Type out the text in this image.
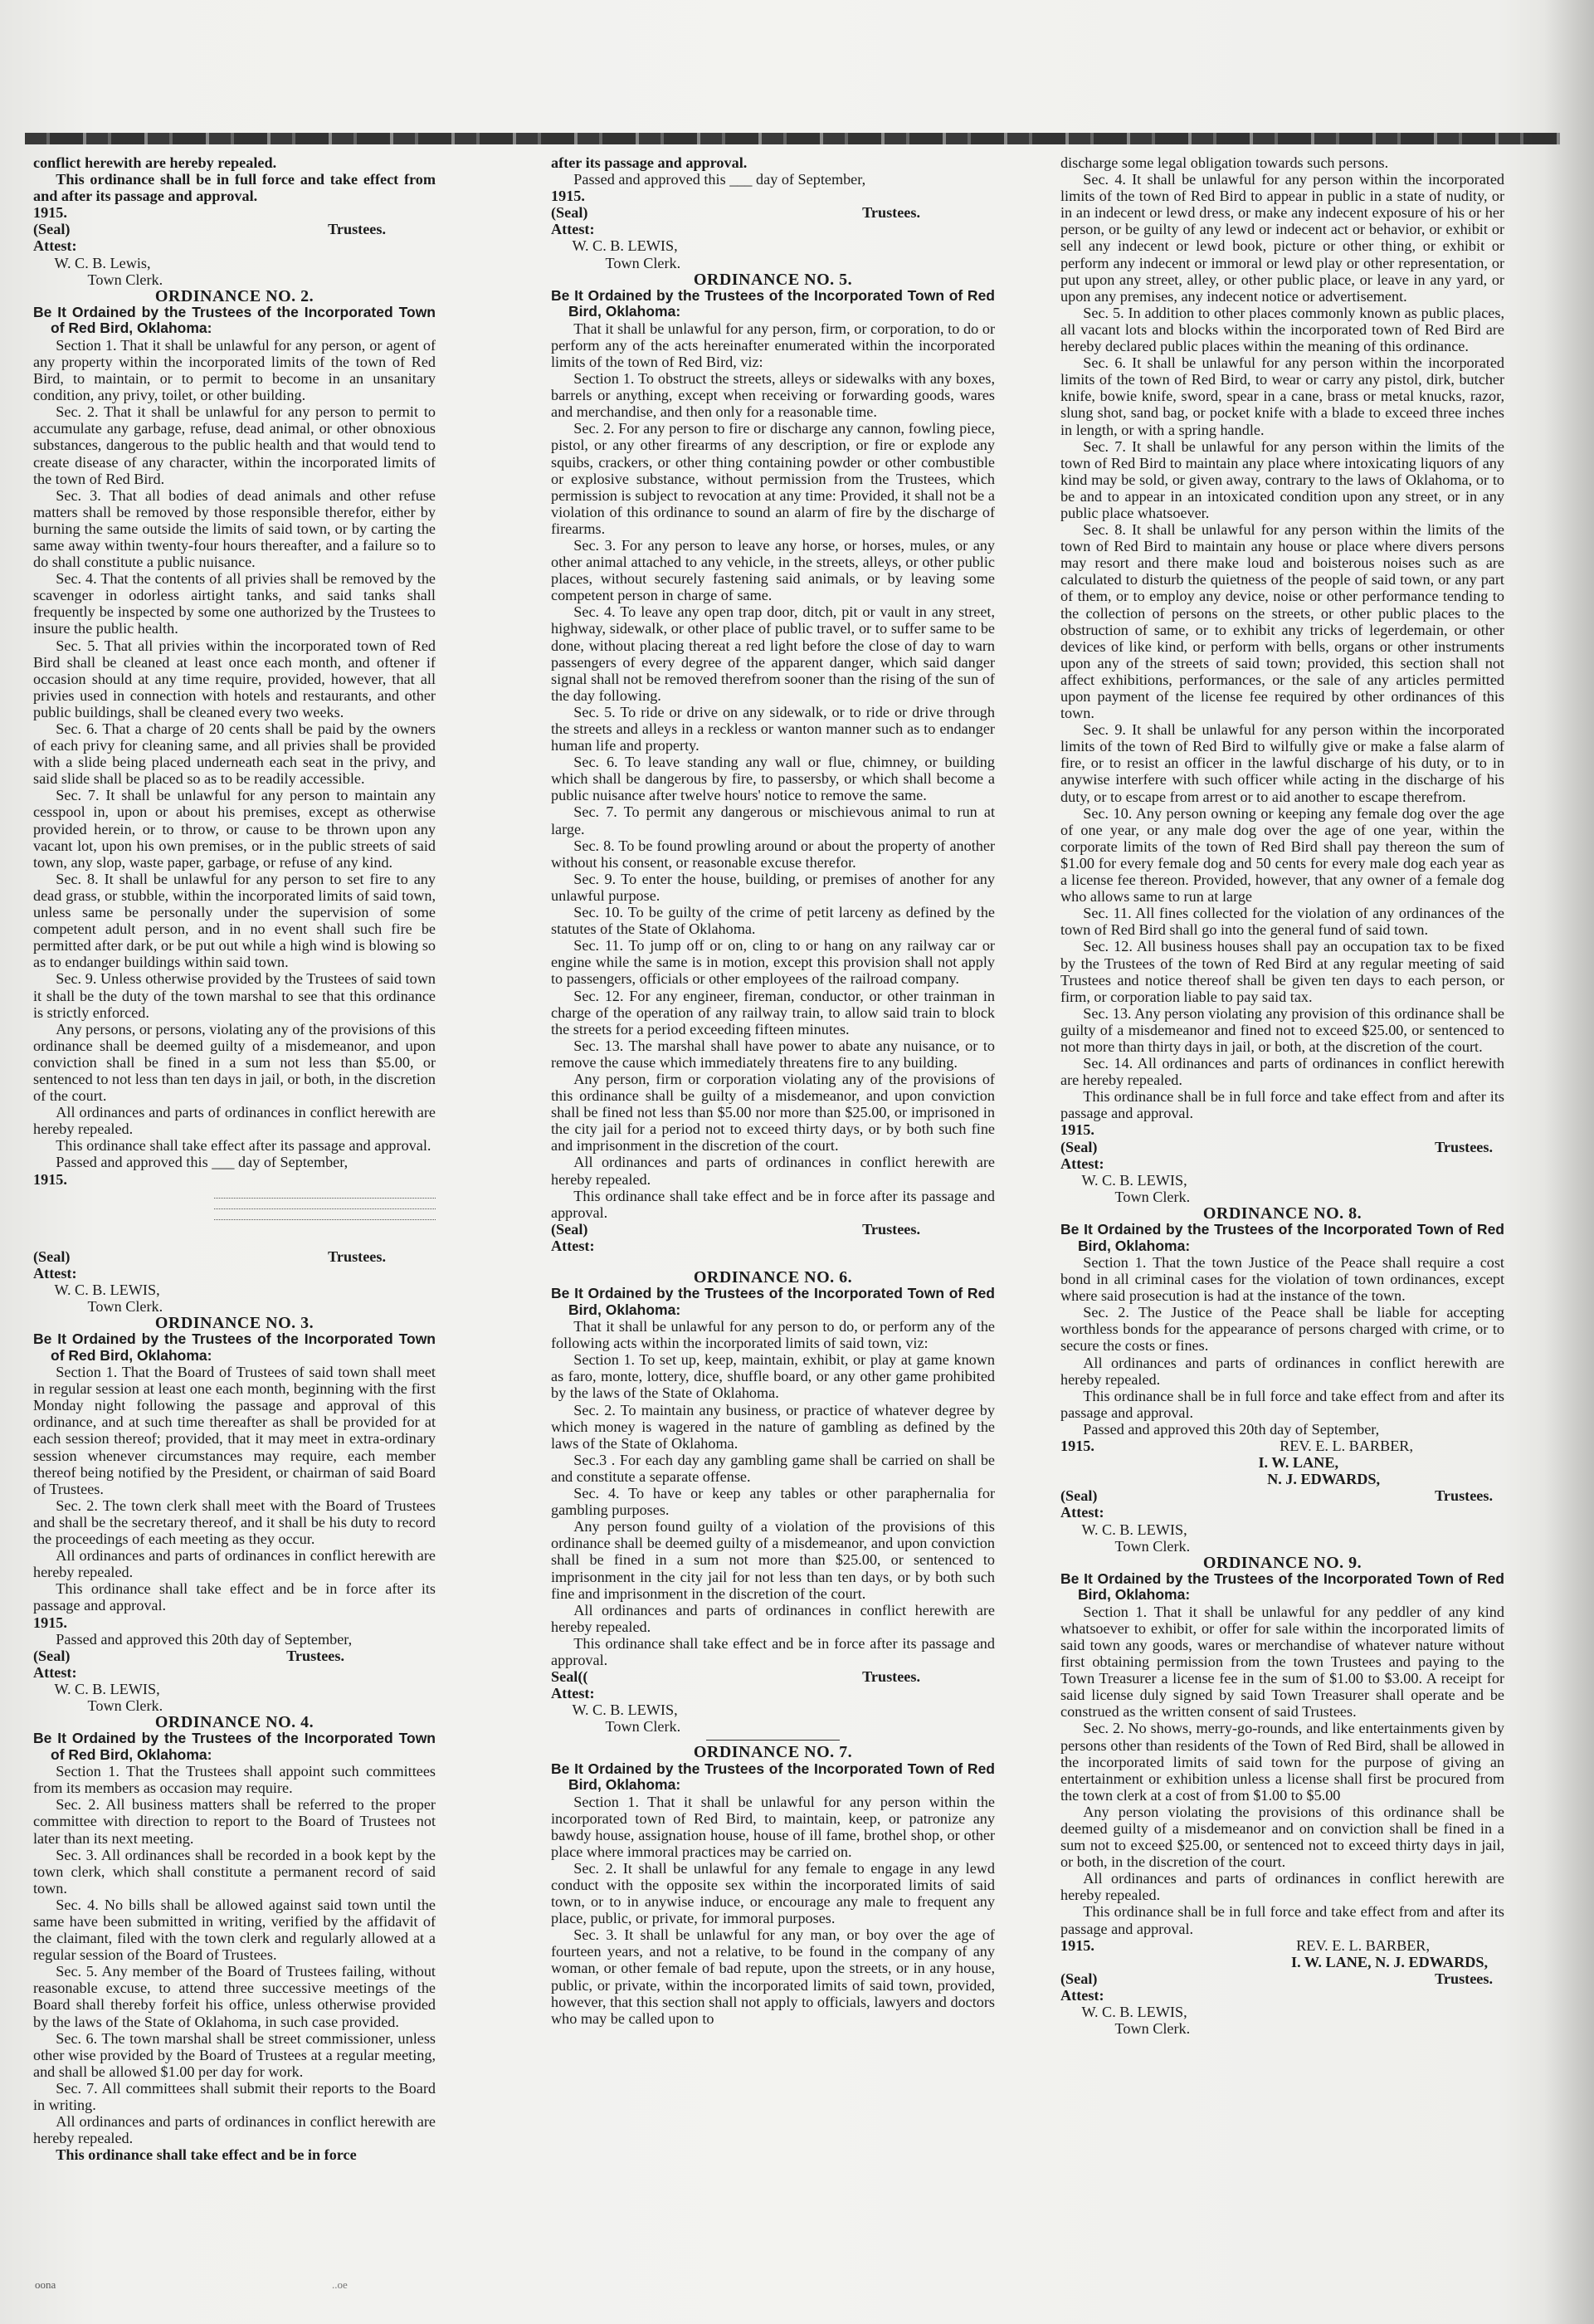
conflict herewith are hereby repealed.

This ordinance shall be in full force and take effect from and after its passage and approval.

1915.

(Seal)	Trustees.

Attest:

W. C. B. Lewis,

Town Clerk.

ORDINANCE NO. 2.

Be It Ordained by the Trustees of the Incorporated Town of Red Bird, Oklahoma:

Section 1. That it shall be unlawful for any person, or agent of any property within the incorporated limits of the town of Red Bird, to maintain, or to permit to become in an unsanitary condition, any privy, toilet, or other building.

Sec. 2. That it shall be unlawful for any person to permit to accumulate any garbage, refuse, dead animal, or other obnoxious substances, dangerous to the public health and that would tend to create disease of any character, within the incorporated limits of the town of Red Bird.

Sec. 3. That all bodies of dead animals and other refuse matters shall be removed by those responsible therefor, either by burning the same outside the limits of said town, or by carting the same away within twenty-four hours thereafter, and a failure so to do shall constitute a public nuisance.

Sec. 4. That the contents of all privies shall be removed by the scavenger in odorless airtight tanks, and said tanks shall frequently be inspected by some one authorized by the Trustees to insure the public health.

Sec. 5. That all privies within the incorporated town of Red Bird shall be cleaned at least once each month, and oftener if occasion should at any time require, provided, however, that all privies used in connection with hotels and restaurants, and other public buildings, shall be cleaned every two weeks.

Sec. 6. That a charge of 20 cents shall be paid by the owners of each privy for cleaning same, and all privies shall be provided with a slide being placed underneath each seat in the privy, and said slide shall be placed so as to be readily accessible.

Sec. 7. It shall be unlawful for any person to maintain any cesspool in, upon or about his premises, except as otherwise provided herein, or to throw, or cause to be thrown upon any vacant lot, upon his own premises, or in the public streets of said town, any slop, waste paper, garbage, or refuse of any kind.

Sec. 8. It shall be unlawful for any person to set fire to any dead grass, or stubble, within the incorporated limits of said town, unless same be personally under the supervision of some competent adult person, and in no event shall such fire be permitted after dark, or be put out while a high wind is blowing so as to endanger buildings within said town.

Sec. 9. Unless otherwise provided by the Trustees of said town it shall be the duty of the town marshal to see that this ordinance is strictly enforced.

Any persons, or persons, violating any of the provisions of this ordinance shall be deemed guilty of a misdemeanor, and upon conviction shall be fined in a sum not less than $5.00, or sentenced to not less than ten days in jail, or both, in the discretion of the court.

All ordinances and parts of ordinances in conflict herewith are hereby repealed.

This ordinance shall take effect after its passage and approval.

Passed and approved this ___ day of September,

1915.

(Seal)	Trustees.

Attest:

W. C. B. LEWIS,

Town Clerk.

ORDINANCE NO. 3.

Be It Ordained by the Trustees of the Incorporated Town of Red Bird, Oklahoma:

Section 1. That the Board of Trustees of said town shall meet in regular session at least one each month, beginning with the first Monday night following the passage and approval of this ordinance, and at such time thereafter as shall be provided for at each session thereof; provided, that it may meet in extra-ordinary session whenever circumstances may require, each member thereof being notified by the President, or chairman of said Board of Trustees.

Sec. 2. The town clerk shall meet with the Board of Trustees and shall be the secretary thereof, and it shall be his duty to record the proceedings of each meeting as they occur.

All ordinances and parts of ordinances in conflict herewith are hereby repealed.

This ordinance shall take effect and be in force after its passage and approval.

1915.

Passed and approved this 20th day of September,

(Seal)	Trustees.

Attest:

W. C. B. LEWIS,

Town Clerk.

ORDINANCE NO. 4.

Be It Ordained by the Trustees of the Incorporated Town of Red Bird, Oklahoma:

Section 1. That the Trustees shall appoint such committees from its members as occasion may require.

Sec. 2. All business matters shall be referred to the proper committee with direction to report to the Board of Trustees not later than its next meeting.

Sec. 3. All ordinances shall be recorded in a book kept by the town clerk, which shall constitute a permanent record of said town.

Sec. 4. No bills shall be allowed against said town until the same have been submitted in writing, verified by the affidavit of the claimant, filed with the town clerk and regularly allowed at a regular session of the Board of Trustees.

Sec. 5. Any member of the Board of Trustees failing, without reasonable excuse, to attend three successive meetings of the Board shall thereby forfeit his office, unless otherwise provided by the laws of the State of Oklahoma, in such case provided.

Sec. 6. The town marshal shall be street commissioner, unless other wise provided by the Board of Trustees at a regular meeting, and shall be allowed $1.00 per day for work.

Sec. 7. All committees shall submit their reports to the Board in writing.

All ordinances and parts of ordinances in conflict herewith are hereby repealed.

This ordinance shall take effect and be in force

after its passage and approval.

Passed and approved this ___ day of September,

1915.

(Seal)	Trustees.

Attest:

W. C. B. LEWIS,

Town Clerk.

ORDINANCE NO. 5.

Be It Ordained by the Trustees of the Incorporated Town of Red Bird, Oklahoma:

That it shall be unlawful for any person, firm, or corporation, to do or perform any of the acts hereinafter enumerated within the incorporated limits of the town of Red Bird, viz:

Section 1. To obstruct the streets, alleys or sidewalks with any boxes, barrels or anything, except when receiving or forwarding goods, wares and merchandise, and then only for a reasonable time.

Sec. 2. For any person to fire or discharge any cannon, fowling piece, pistol, or any other firearms of any description, or fire or explode any squibs, crackers, or other thing containing powder or other combustible or explosive substance, without permission from the Trustees, which permission is subject to revocation at any time: Provided, it shall not be a violation of this ordinance to sound an alarm of fire by the discharge of firearms.

Sec. 3. For any person to leave any horse, or horses, mules, or any other animal attached to any vehicle, in the streets, alleys, or other public places, without securely fastening said animals, or by leaving some competent person in charge of same.

Sec. 4. To leave any open trap door, ditch, pit or vault in any street, highway, sidewalk, or other place of public travel, or to suffer same to be done, without placing thereat a red light before the close of day to warn passengers of every degree of the apparent danger, which said danger signal shall not be removed therefrom sooner than the rising of the sun of the day following.

Sec. 5. To ride or drive on any sidewalk, or to ride or drive through the streets and alleys in a reckless or wanton manner such as to endanger human life and property.

Sec. 6. To leave standing any wall or flue, chimney, or building which shall be dangerous by fire, to passersby, or which shall become a public nuisance after twelve hours' notice to remove the same.

Sec. 7. To permit any dangerous or mischievous animal to run at large.

Sec. 8. To be found prowling around or about the property of another without his consent, or reasonable excuse therefor.

Sec. 9. To enter the house, building, or premises of another for any unlawful purpose.

Sec. 10. To be guilty of the crime of petit larceny as defined by the statutes of the State of Oklahoma.

Sec. 11. To jump off or on, cling to or hang on any railway car or engine while the same is in motion, except this provision shall not apply to passengers, officials or other employees of the railroad company.

Sec. 12. For any engineer, fireman, conductor, or other trainman in charge of the operation of any railway train, to allow said train to block the streets for a period exceeding fifteen minutes.

Sec. 13. The marshal shall have power to abate any nuisance, or to remove the cause which immediately threatens fire to any building.

Any person, firm or corporation violating any of the provisions of this ordinance shall be guilty of a misdemeanor, and upon conviction shall be fined not less than $5.00 nor more than $25.00, or imprisoned in the city jail for a period not to exceed thirty days, or by both such fine and imprisonment in the discretion of the court.

All ordinances and parts of ordinances in conflict herewith are hereby repealed.

This ordinance shall take effect and be in force after its passage and approval.

(Seal)	Trustees.

Attest:

ORDINANCE NO. 6.

Be It Ordained by the Trustees of the Incorporated Town of Red Bird, Oklahoma:

That it shall be unlawful for any person to do, or perform any of the following acts within the incorporated limits of said town, viz:

Section 1. To set up, keep, maintain, exhibit, or play at game known as faro, monte, lottery, dice, shuffle board, or any other game prohibited by the laws of the State of Oklahoma.

Sec. 2. To maintain any business, or practice of whatever degree by which money is wagered in the nature of gambling as defined by the laws of the State of Oklahoma.

Sec.3 . For each day any gambling game shall be carried on shall be and constitute a separate offense.

Sec. 4. To have or keep any tables or other paraphernalia for gambling purposes.

Any person found guilty of a violation of the provisions of this ordinance shall be deemed guilty of a misdemeanor, and upon conviction shall be fined in a sum not more than $25.00, or sentenced to imprisonment in the city jail for not less than ten days, or by both such fine and imprisonment in the discretion of the court.

All ordinances and parts of ordinances in conflict herewith are hereby repealed.

This ordinance shall take effect and be in force after its passage and approval.

Seal((	Trustees.

Attest:

W. C. B. LEWIS,

Town Clerk.

ORDINANCE NO. 7.

Be It Ordained by the Trustees of the Incorporated Town of Red Bird, Oklahoma:

Section 1. That it shall be unlawful for any person within the incorporated town of Red Bird, to maintain, keep, or patronize any bawdy house, assignation house, house of ill fame, brothel shop, or other place where immoral practices may be carried on.

Sec. 2. It shall be unlawful for any female to engage in any lewd conduct with the opposite sex within the incorporated limits of said town, or to in anywise induce, or encourage any male to frequent any place, public, or private, for immoral purposes.

Sec. 3. It shall be unlawful for any man, or boy over the age of fourteen years, and not a relative, to be found in the company of any woman, or other female of bad repute, upon the streets, or in any house, public, or private, within the incorporated limits of said town, provided, however, that this section shall not apply to officials, lawyers and doctors who may be called upon to

discharge some legal obligation towards such persons.

Sec. 4. It shall be unlawful for any person within the incorporated limits of the town of Red Bird to appear in public in a state of nudity, or in an indecent or lewd dress, or make any indecent exposure of his or her person, or be guilty of any lewd or indecent act or behavior, or exhibit or sell any indecent or lewd book, picture or other thing, or exhibit or perform any indecent or immoral or lewd play or other representation, or put upon any street, alley, or other public place, or leave in any yard, or upon any premises, any indecent notice or advertisement.

Sec. 5. In addition to other places commonly known as public places, all vacant lots and blocks within the incorporated town of Red Bird are hereby declared public places within the meaning of this ordinance.

Sec. 6. It shall be unlawful for any person within the incorporated limits of the town of Red Bird, to wear or carry any pistol, dirk, butcher knife, bowie knife, sword, spear in a cane, brass or metal knucks, razor, slung shot, sand bag, or pocket knife with a blade to exceed three inches in length, or with a spring handle.

Sec. 7. It shall be unlawful for any person within the limits of the town of Red Bird to maintain any place where intoxicating liquors of any kind may be sold, or given away, contrary to the laws of Oklahoma, or to be and to appear in an intoxicated condition upon any street, or in any public place whatsoever.

Sec. 8. It shall be unlawful for any person within the limits of the town of Red Bird to maintain any house or place where divers persons may resort and there make loud and boisterous noises such as are calculated to disturb the quietness of the people of said town, or any part of them, or to employ any device, noise or other performance tending to the collection of persons on the streets, or other public places to the obstruction of same, or to exhibit any tricks of legerdemain, or other devices of like kind, or perform with bells, organs or other instruments upon any of the streets of said town; provided, this section shall not affect exhibitions, performances, or the sale of any articles permitted upon payment of the license fee required by other ordinances of this town.

Sec. 9. It shall be unlawful for any person within the incorporated limits of the town of Red Bird to wilfully give or make a false alarm of fire, or to resist an officer in the lawful discharge of his duty, or to in anywise interfere with such officer while acting in the discharge of his duty, or to escape from arrest or to aid another to escape therefrom.

Sec. 10. Any person owning or keeping any female dog over the age of one year, or any male dog over the age of one year, within the corporate limits of the town of Red Bird shall pay thereon the sum of $1.00 for every female dog and 50 cents for every male dog each year as a license fee thereon. Provided, however, that any owner of a female dog who allows same to run at large

Sec. 11. All fines collected for the violation of any ordinances of the town of Red Bird shall go into the general fund of said town.

Sec. 12. All business houses shall pay an occupation tax to be fixed by the Trustees of the town of Red Bird at any regular meeting of said Trustees and notice thereof shall be given ten days to each person, or firm, or corporation liable to pay said tax.

Sec. 13. Any person violating any provision of this ordinance shall be guilty of a misdemeanor and fined not to exceed $25.00, or sentenced to not more than thirty days in jail, or both, at the discretion of the court.

Sec. 14. All ordinances and parts of ordinances in conflict herewith are hereby repealed.

This ordinance shall be in full force and take effect from and after its passage and approval.

1915.

(Seal)	Trustees.

Attest:

W. C. B. LEWIS,

Town Clerk.

ORDINANCE NO. 8.

Be It Ordained by the Trustees of the Incorporated Town of Red Bird, Oklahoma:

Section 1. That the town Justice of the Peace shall require a cost bond in all criminal cases for the violation of town ordinances, except where said prosecution is had at the instance of the town.

Sec. 2. The Justice of the Peace shall be liable for accepting worthless bonds for the appearance of persons charged with crime, or to secure the costs or fines.

All ordinances and parts of ordinances in conflict herewith are hereby repealed.

This ordinance shall be in full force and take effect from and after its passage and approval.

Passed and approved this 20th day of September,

1915.	REV. E. L. BARBER,

I. W. LANE,

N. J. EDWARDS,

(Seal)	Trustees.

Attest:

W. C. B. LEWIS,

Town Clerk.

ORDINANCE NO. 9.

Be It Ordained by the Trustees of the Incorporated Town of Red Bird, Oklahoma:

Section 1. That it shall be unlawful for any peddler of any kind whatsoever to exhibit, or offer for sale within the incorporated limits of said town any goods, wares or merchandise of whatever nature without first obtaining permission from the town Trustees and paying to the Town Treasurer a license fee in the sum of $1.00 to $3.00. A receipt for said license duly signed by said Town Treasurer shall operate and be construed as the written consent of said Trustees.

Sec. 2. No shows, merry-go-rounds, and like entertainments given by persons other than residents of the Town of Red Bird, shall be allowed in the incorporated limits of said town for the purpose of giving an entertainment or exhibition unless a license shall first be procured from the town clerk at a cost of from $1.00 to $5.00

Any person violating the provisions of this ordinance shall be deemed guilty of a misdemeanor and on conviction shall be fined in a sum not to exceed $25.00, or sentenced not to exceed thirty days in jail, or both, in the discretion of the court.

All ordinances and parts of ordinances in conflict herewith are hereby repealed.

This ordinance shall be in full force and take effect from and after its passage and approval.

1915.	REV. E. L. BARBER,

I. W. LANE, N. J. EDWARDS,

(Seal)	Trustees.

Attest:

W. C. B. LEWIS,

Town Clerk.

oona	..oe
